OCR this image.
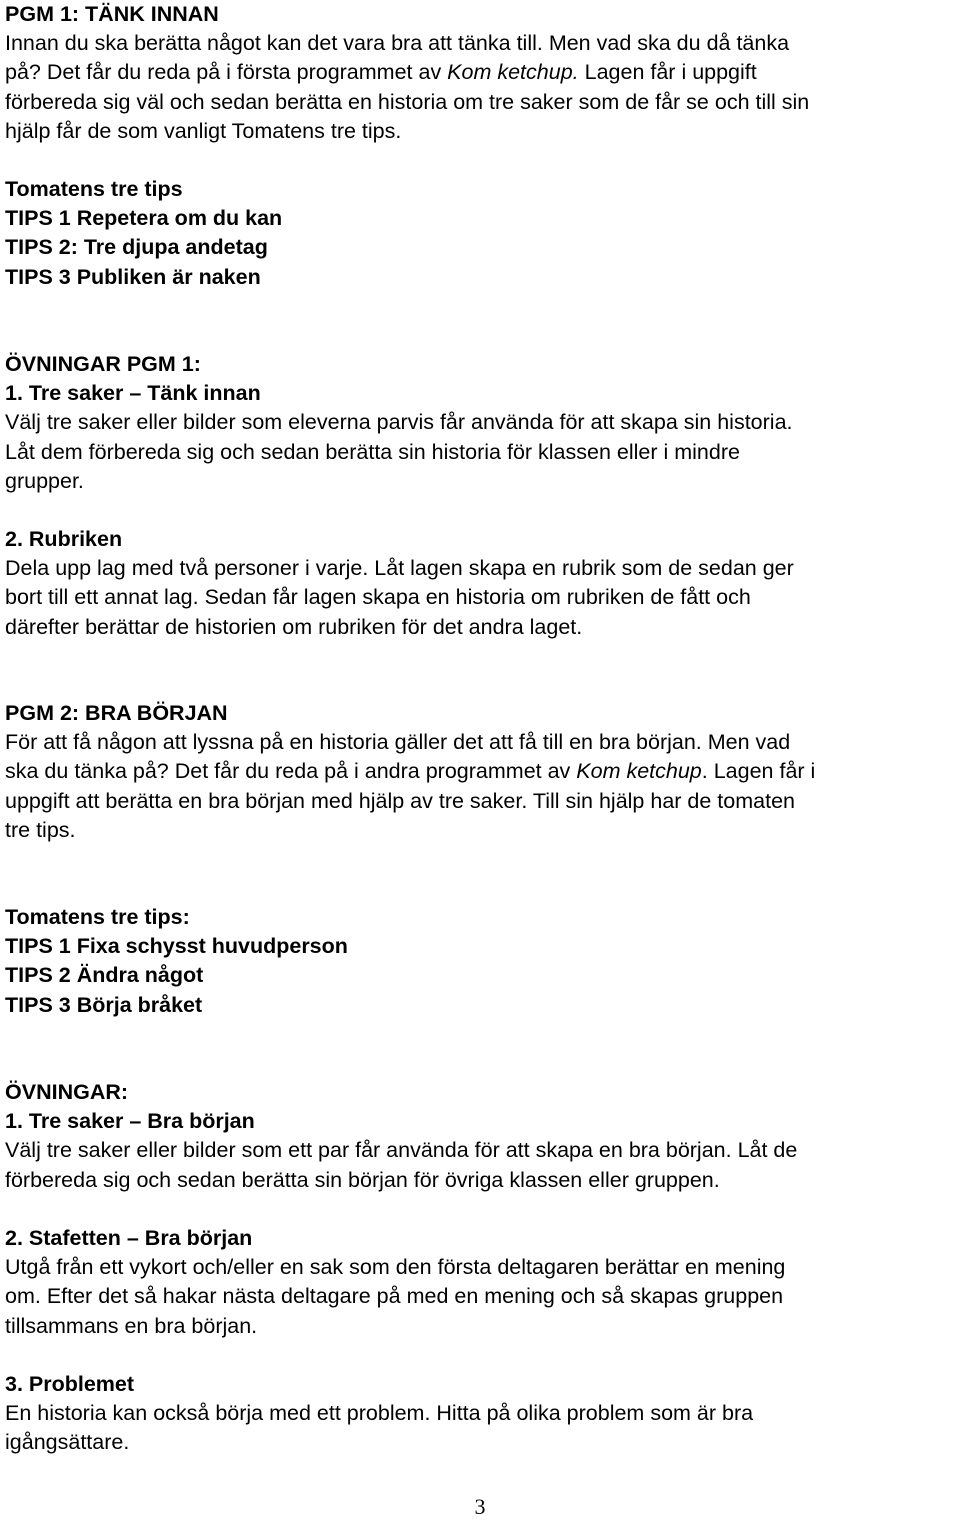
PGM 1: TÄNK INNAN
Innan du ska berätta något kan det vara bra att tänka till. Men vad ska du då tänka
på? Det får du reda på i första programmet av Kom ketchup. Lagen får i uppgift
förbereda sig väl och sedan berätta en historia om tre saker som de får se och till sin
hjälp får de som vanligt Tomatens tre tips.
Tomatens tre tips
TIPS 1 Repetera om du kan
TIPS 2: Tre djupa andetag
TIPS 3 Publiken är naken
ÖVNINGAR PGM 1:
1. Tre saker – Tänk innan
Välj tre saker eller bilder som eleverna parvis får använda för att skapa sin historia.
Låt dem förbereda sig och sedan berätta sin historia för klassen eller i mindre
grupper.
2. Rubriken
Dela upp lag med två personer i varje. Låt lagen skapa en rubrik som de sedan ger
bort till ett annat lag. Sedan får lagen skapa en historia om rubriken de fått och
därefter berättar de historien om rubriken för det andra laget.
PGM 2: BRA BÖRJAN
För att få någon att lyssna på en historia gäller det att få till en bra början. Men vad
ska du tänka på? Det får du reda på i andra programmet av Kom ketchup. Lagen får i
uppgift att berätta en bra början med hjälp av tre saker. Till sin hjälp har de tomaten
tre tips.
Tomatens tre tips:
TIPS 1 Fixa schysst huvudperson
TIPS 2 Ändra något
TIPS 3 Börja bråket
ÖVNINGAR:
1. Tre saker – Bra början
Välj tre saker eller bilder som ett par får använda för att skapa en bra början. Låt de
förbereda sig och sedan berätta sin början för övriga klassen eller gruppen.
2. Stafetten – Bra början
Utgå från ett vykort och/eller en sak som den första deltagaren berättar en mening
om. Efter det så hakar nästa deltagare på med en mening och så skapas gruppen
tillsammans en bra början.
3. Problemet
En historia kan också börja med ett problem. Hitta på olika problem som är bra
igångsättare.
3
